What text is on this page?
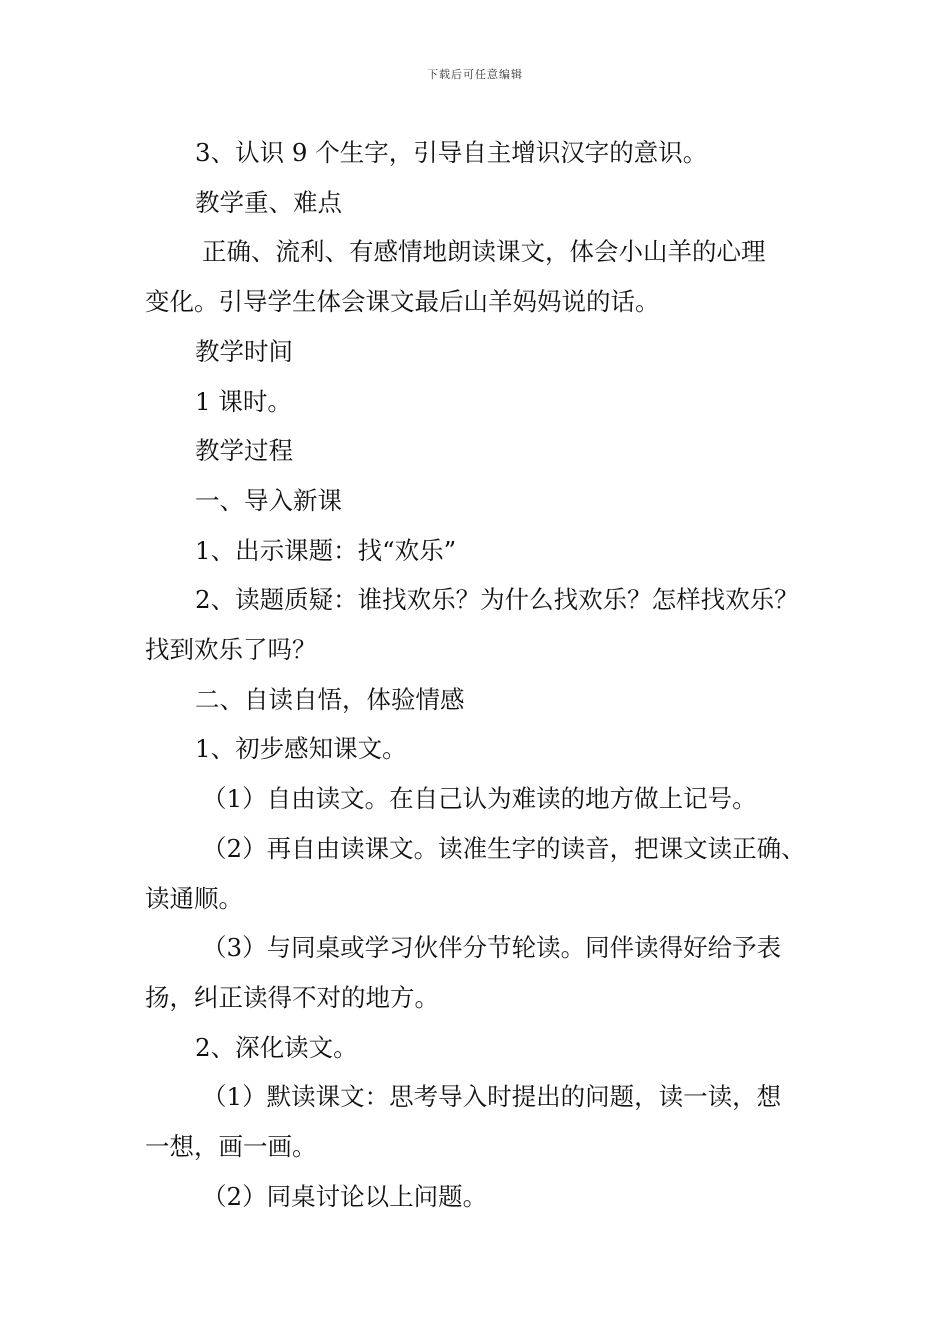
下载后可任意编辑

3、认识 9 个生字，引导自主增识汉字的意识。

教学重、难点

正确、流利、有感情地朗读课文，体会小山羊的心理

变化。引导学生体会课文最后山羊妈妈说的话。

教学时间

1 课时。

教学过程

一、导入新课

1、出示课题：找“欢乐”

2、读题质疑：谁找欢乐？为什么找欢乐？怎样找欢乐？

找到欢乐了吗？

二、自读自悟，体验情感

1、初步感知课文。

（1）自由读文。在自己认为难读的地方做上记号。

（2）再自由读课文。读准生字的读音，把课文读正确、

读通顺。

（3）与同桌或学习伙伴分节轮读。同伴读得好给予表

扬，纠正读得不对的地方。

2、深化读文。

（1）默读课文：思考导入时提出的问题，读一读，想

一想，画一画。

（2）同桌讨论以上问题。
